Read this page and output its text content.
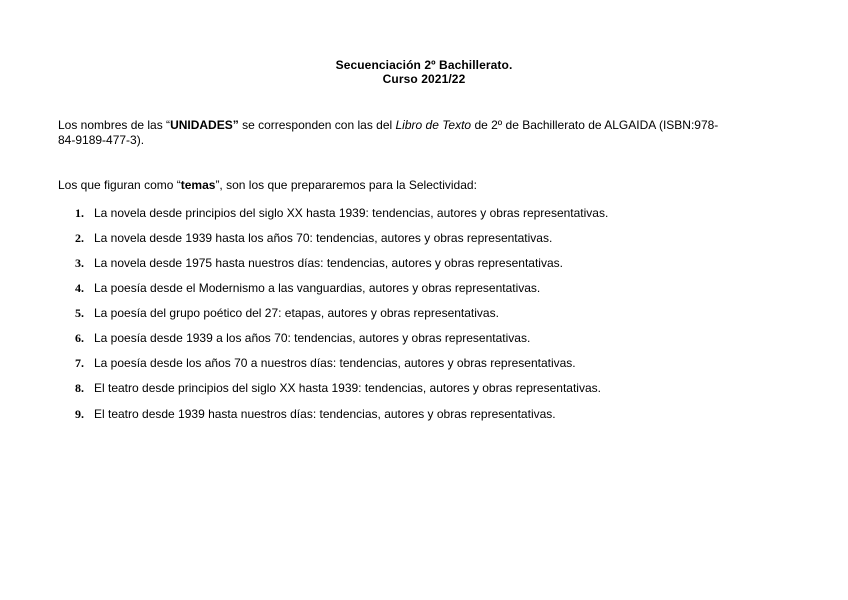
Secuenciación 2º Bachillerato.
Curso 2021/22
Los nombres de las “UNIDADES” se corresponden con las del Libro de Texto de 2º de Bachillerato de ALGAIDA (ISBN:978-
84-9189-477-3).
Los que figuran como “temas”, son los que prepararemos para la Selectividad:
1. La novela desde principios del siglo XX hasta 1939: tendencias, autores y obras representativas.
2. La novela desde 1939 hasta los años 70: tendencias, autores y obras representativas.
3. La novela desde 1975 hasta nuestros días: tendencias, autores y obras representativas.
4. La poesía desde el Modernismo a las vanguardias, autores y obras representativas.
5. La poesía del grupo poético del 27: etapas, autores y obras representativas.
6. La poesía desde 1939 a los años 70: tendencias, autores y obras representativas.
7. La poesía desde los años 70 a nuestros días: tendencias, autores y obras representativas.
8. El teatro desde principios del siglo XX hasta 1939: tendencias, autores y obras representativas.
9. El teatro desde 1939 hasta nuestros días: tendencias, autores y obras representativas.
